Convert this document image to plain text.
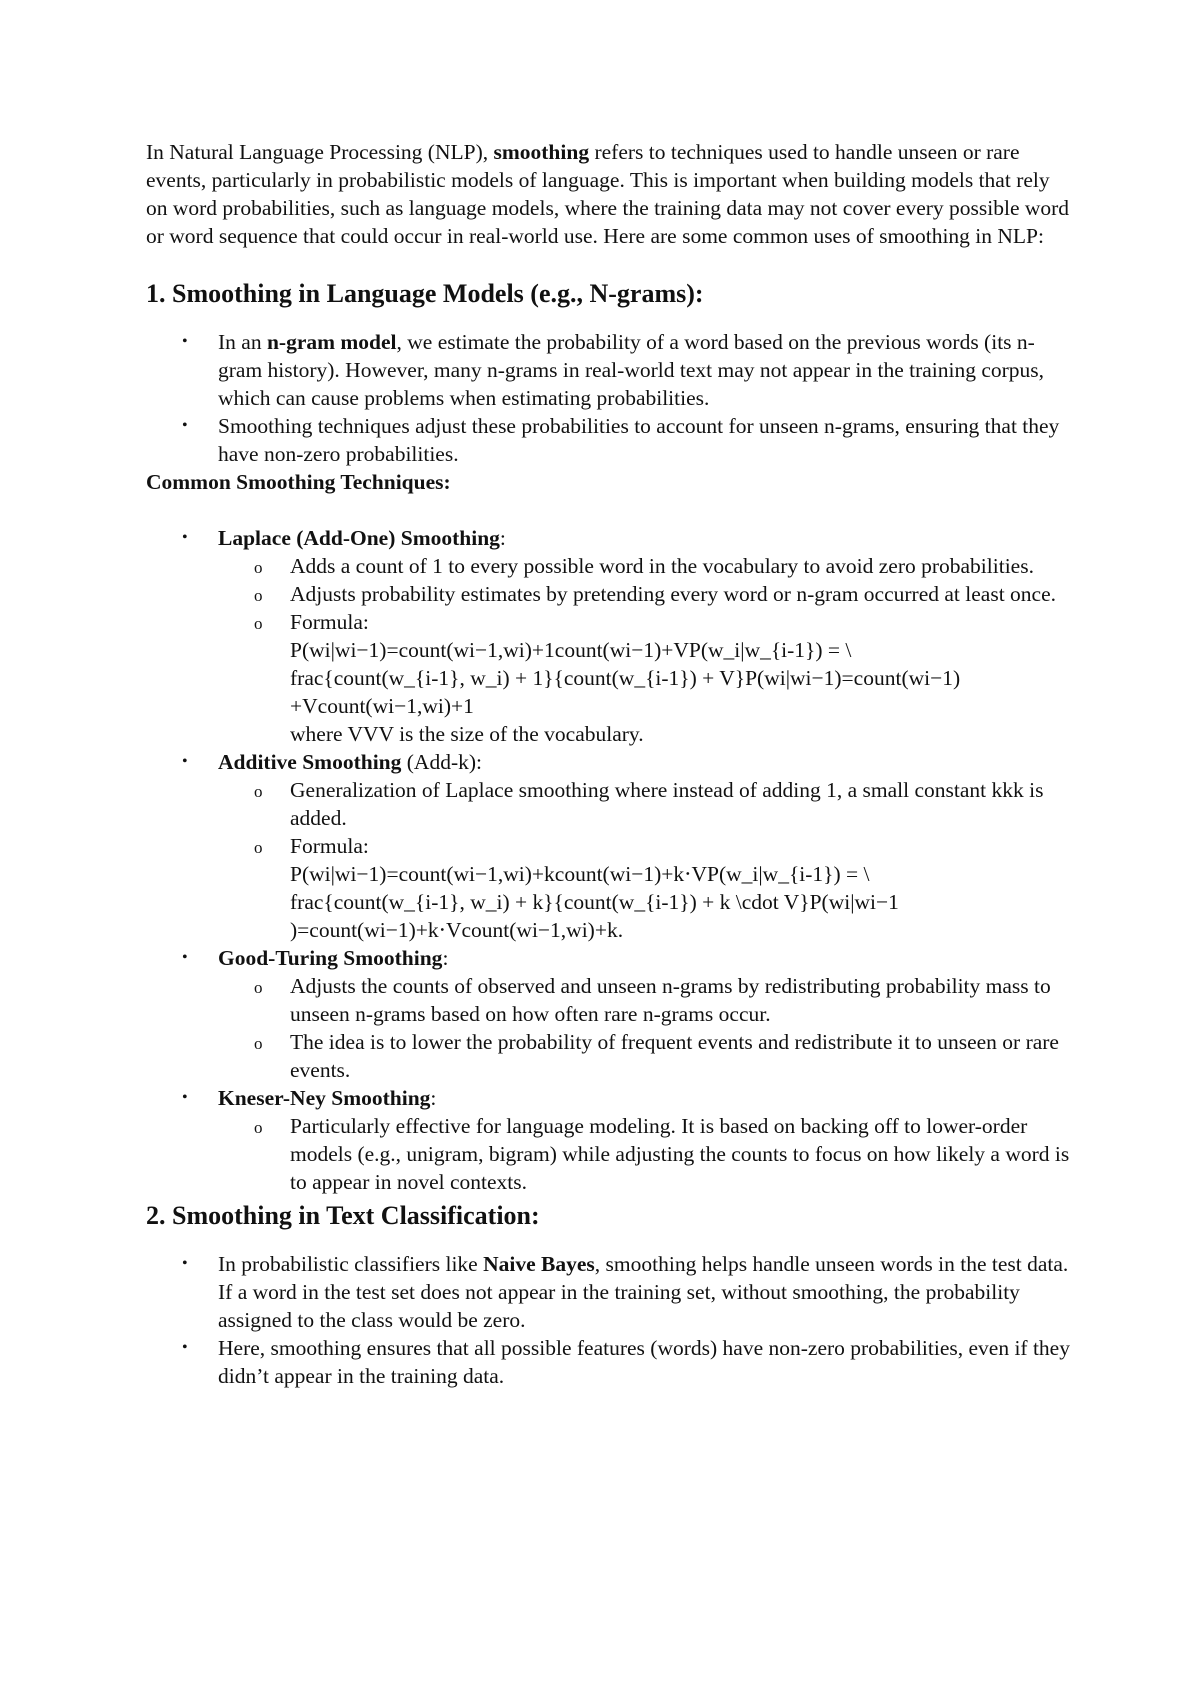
In Natural Language Processing (NLP), smoothing refers to techniques used to handle unseen or rare events, particularly in probabilistic models of language. This is important when building models that rely on word probabilities, such as language models, where the training data may not cover every possible word or word sequence that could occur in real-world use. Here are some common uses of smoothing in NLP:

1. Smoothing in Language Models (e.g., N-grams):
• In an n-gram model, we estimate the probability of a word based on the previous words (its n-gram history). However, many n-grams in real-world text may not appear in the training corpus, which can cause problems when estimating probabilities.
• Smoothing techniques adjust these probabilities to account for unseen n-grams, ensuring that they have non-zero probabilities.
Common Smoothing Techniques:
• Laplace (Add-One) Smoothing:
o Adds a count of 1 to every possible word in the vocabulary to avoid zero probabilities.
o Adjusts probability estimates by pretending every word or n-gram occurred at least once.
o Formula:
P(wi|wi−1)=count(wi−1,wi)+1count(wi−1)+VP(w_i|w_{i-1}) = \
frac{count(w_{i-1}, w_i) + 1}{count(w_{i-1}) + V}P(wi|wi−1)=count(wi−1)
+Vcount(wi−1,wi)+1
where VVV is the size of the vocabulary.
• Additive Smoothing (Add-k):
o Generalization of Laplace smoothing where instead of adding 1, a small constant kkk is added.
o Formula:
P(wi|wi−1)=count(wi−1,wi)+kcount(wi−1)+k⋅VP(w_i|w_{i-1}) = \
frac{count(w_{i-1}, w_i) + k}{count(w_{i-1}) + k \cdot V}P(wi|wi−1
)=count(wi−1)+k⋅Vcount(wi−1,wi)+k.
• Good-Turing Smoothing:
o Adjusts the counts of observed and unseen n-grams by redistributing probability mass to unseen n-grams based on how often rare n-grams occur.
o The idea is to lower the probability of frequent events and redistribute it to unseen or rare events.
• Kneser-Ney Smoothing:
o Particularly effective for language modeling. It is based on backing off to lower-order models (e.g., unigram, bigram) while adjusting the counts to focus on how likely a word is to appear in novel contexts.
2. Smoothing in Text Classification:
• In probabilistic classifiers like Naive Bayes, smoothing helps handle unseen words in the test data. If a word in the test set does not appear in the training set, without smoothing, the probability assigned to the class would be zero.
• Here, smoothing ensures that all possible features (words) have non-zero probabilities, even if they didn’t appear in the training data.
